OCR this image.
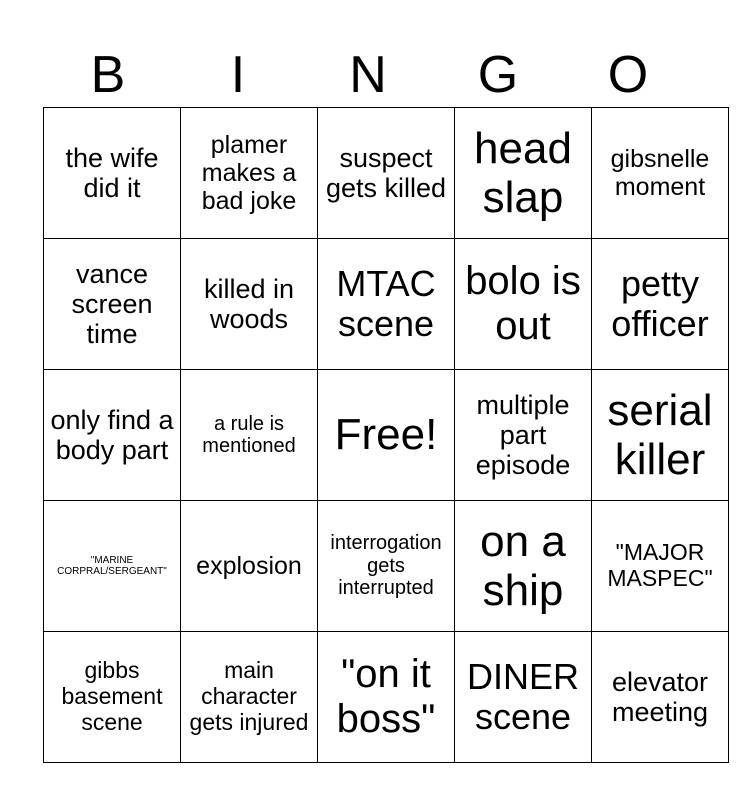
B	I	N	G	O
the wife did it	plamer makes a bad joke	suspect gets killed	head slap	gibsnelle moment
vance screen time	killed in woods	MTAC scene	bolo is out	petty officer
only find a body part	a rule is mentioned	Free!	multiple part episode	serial killer
"MARINE CORPRAL/SERGEANT"	explosion	interrogation gets interrupted	on a ship	"MAJOR MASPEC"
gibbs basement scene	main character gets injured	"on it boss"	DINER scene	elevator meeting
